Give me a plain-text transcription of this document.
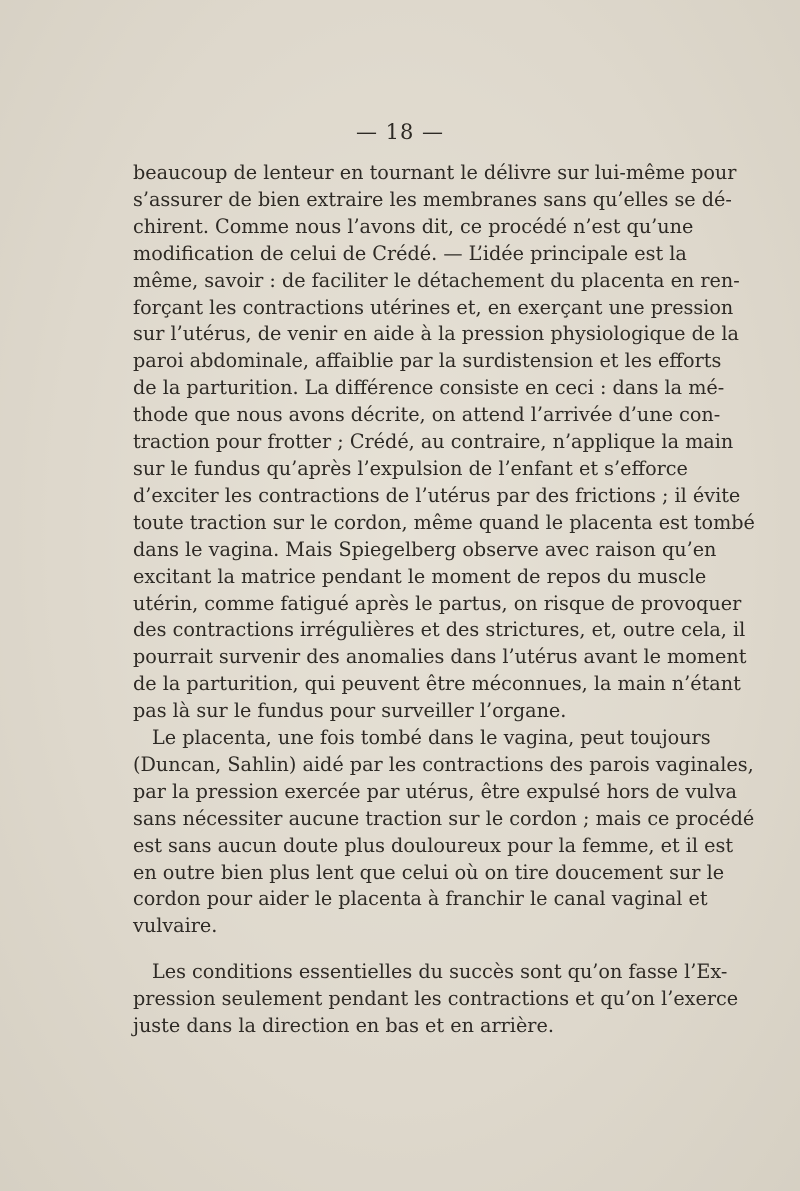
— 18 —

beaucoup de lenteur en tournant le délivre sur lui-même pour
s’assurer de bien extraire les membranes sans qu’elles se dé-
chirent. Comme nous l’avons dit, ce procédé n’est qu’une
modification de celui de Crédé. — L’idée principale est la
même, savoir : de faciliter le détachement du placenta en ren-
forçant les contractions utérines et, en exerçant une pression
sur l’utérus, de venir en aide à la pression physiologique de la
paroi abdominale, affaiblie par la surdistension et les efforts
de la parturition. La différence consiste en ceci : dans la mé-
thode que nous avons décrite, on attend l’arrivée d’une con-
traction pour frotter ; Crédé, au contraire, n’applique la main
sur le fundus qu’après l’expulsion de l’enfant et s’efforce
d’exciter les contractions de l’utérus par des frictions ; il évite
toute traction sur le cordon, même quand le placenta est tombé
dans le vagina. Mais Spiegelberg observe avec raison qu’en
excitant la matrice pendant le moment de repos du muscle
utérin, comme fatigué après le partus, on risque de provoquer
des contractions irrégulières et des strictures, et, outre cela, il
pourrait survenir des anomalies dans l’utérus avant le moment
de la parturition, qui peuvent être méconnues, la main n’étant
pas là sur le fundus pour surveiller l’organe.

Le placenta, une fois tombé dans le vagina, peut toujours
(Duncan, Sahlin) aidé par les contractions des parois vaginales,
par la pression exercée par utérus, être expulsé hors de vulva
sans nécessiter aucune traction sur le cordon ; mais ce procédé
est sans aucun doute plus douloureux pour la femme, et il est
en outre bien plus lent que celui où on tire doucement sur le
cordon pour aider le placenta à franchir le canal vaginal et
vulvaire.

Les conditions essentielles du succès sont qu’on fasse l’Ex-
pression seulement pendant les contractions et qu’on l’exerce
juste dans la direction en bas et en arrière.
